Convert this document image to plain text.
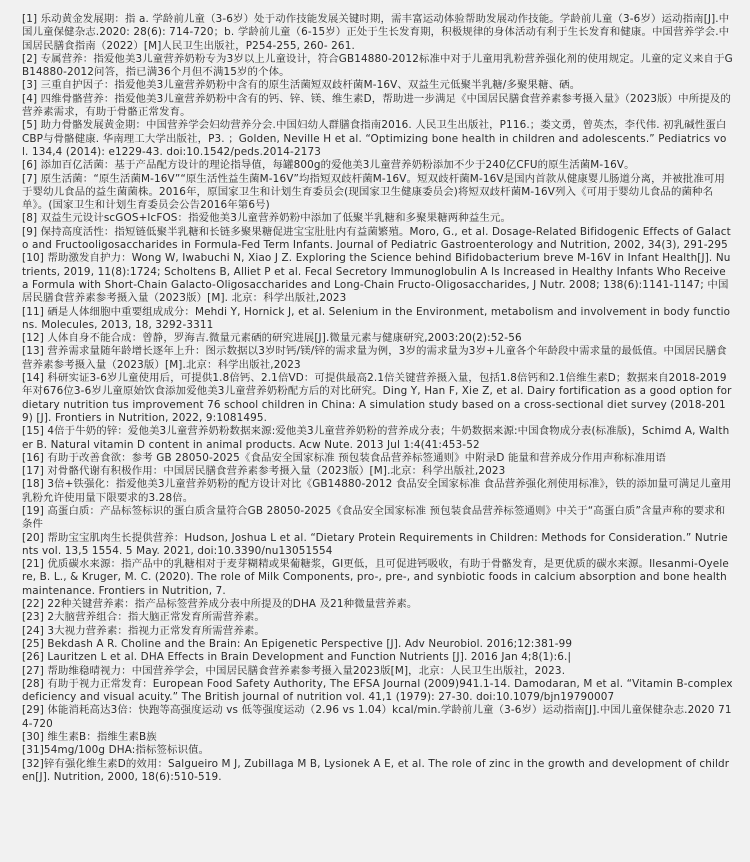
[1] 乐动黄金发展期：指 a. 学龄前儿童（3-6岁）处于动作技能发展关键时期，需丰富运动体验帮助发展动作技能。学龄前儿童（3-6岁）运动指南[J].中国儿童保健杂志.2020: 28(6): 714-720；b. 学龄前儿童（6-15岁）正处于生长发育期，积极规律的身体活动有利于生长发育和健康。中国营养学会.中国居民膳食指南（2022）[M]人民卫生出版社，P254-255, 260- 261.

[2] 专属营养：指爱他美3儿童营养奶粉专为3岁以上儿童设计，符合GB14880-2012标准中对于儿童用乳粉营养强化剂的使用规定。儿童的定义来自于GB14880-2012问答，指已满36个月但不满15岁的个体。

[3] 三重自护因子：指爱他美3儿童营养奶粉中含有的原生活菌短双歧杆菌M-16V、双益生元低聚半乳糖/多聚果糖、硒。

[4] 四维骨骼营养：指爱他美3儿童营养奶粉中含有的钙、锌、镁、维生素D，帮助进一步满足《中国居民膳食营养素参考摄入量》（2023版）中所提及的营养素需求，有助于骨骼正常发育。

[5] 助力骨骼发展黄金期：中国营养学会妇幼营养分会.中国妇幼人群膳食指南2016. 人民卫生出版社，P116.；娄文勇，曾英杰，李代伟. 初乳碱性蛋白CBP与骨骼健康. 华南理工大学出版社，P3. ；Golden, Neville H et al. “Optimizing bone health in children and adolescents.” Pediatrics vol. 134,4 (2014): e1229-43. doi:10.1542/peds.2014-2173

[6] 添加百亿活菌：基于产品配方设计的理论指导值，每罐800g的爱他美3儿童营养奶粉添加不少于240亿CFU的原生活菌M-16V。

[7] 原生活菌：“原生活菌M-16V”“原生活性益生菌M-16V”均指短双歧杆菌M-16V。短双歧杆菌M-16V是国内首款从健康婴儿肠道分离，并被批准可用于婴幼儿食品的益生菌菌株。2016年，原国家卫生和计划生育委员会(现国家卫生健康委员会)将短双歧杆菌M-16V列入《可用于婴幼儿食品的菌种名单》。(国家卫生和计划生育委员会公告2016年第6号)

[8] 双益生元设计scGOS+lcFOS：指爱他美3儿童营养奶粉中添加了低聚半乳糖和多聚果糖两种益生元。

[9] 保持高度活性：指短链低聚半乳糖和长链多聚果糖促进宝宝肚肚内有益菌繁殖。Moro, G., et al. Dosage-Related Bifidogenic Effects of Galacto and Fructooligosaccharides in Formula-Fed Term Infants. Journal of Pediatric Gastroenterology and Nutrition, 2002, 34(3), 291-295

[10] 帮助激发自护力：Wong W, Iwabuchi N, Xiao J Z. Exploring the Science behind Bifidobacterium breve M-16V in Infant Health[J]. Nutrients, 2019, 11(8):1724; Scholtens B, Alliet P et al. Fecal Secretory Immunoglobulin A Is Increased in Healthy Infants Who Receive a Formula with Short-Chain Galacto-Oligosaccharides and Long-Chain Fructo-Oligosaccharides, J Nutr. 2008; 138(6):1141-1147; 中国居民膳食营养素参考摄入量（2023版）[M]. 北京：科学出版社,2023

[11] 硒是人体细胞中重要组成成分：Mehdi Y, Hornick J, et al. Selenium in the Environment, metabolism and involvement in body functions. Molecules, 2013, 18, 3292-3311

[12] 人体自身不能合成：曾静，罗海吉.微量元素硒的研究进展[J].微量元素与健康研究,2003:20(2):52-56

[13] 营养需求量随年龄增长逐年上升：图示数据以3岁时钙/镁/锌的需求量为例，3岁的需求量为3岁+儿童各个年龄段中需求量的最低值。中国居民膳食营养素参考摄入量（2023版）[M].北京：科学出版社,2023

[14] 科研实证3-6岁儿童使用后，可提供1.8倍钙、2.1倍VD：可提供最高2.1倍关键营养摄入量，包括1.8倍钙和2.1倍维生素D；数据来自2018-2019年对676位3-6岁儿童原始饮食添加爱他美3儿童营养奶粉配方后的对比研究。Ding Y, Han F, Xie Z, et al. Dairy fortification as a good option for dietary nutrition tus improvement 76 school children in China: A simulation study based on a cross-sectional diet survey (2018-2019) [J]. Frontiers in Nutrition, 2022, 9:1081495.

[15] 4倍于牛奶的锌：爱他美3儿童营养奶粉数据来源:爱他美3儿童营养奶粉的营养成分表；牛奶数据来源:中国食物成分表(标准版)，Schimd A, Walther B. Natural vitamin D content in animal products. Acw Nute. 2013 Jul 1:4(41:453-52

[16] 有助于改善食欲：参考 GB 28050-2025《食品安全国家标准 预包装食品营养标签通则》中附录D 能量和营养成分作用声称标准用语

[17] 对骨骼代谢有积极作用：中国居民膳食营养素参考摄入量（2023版）[M].北京：科学出版社,2023

[18] 3倍+铁强化：指爱他美3儿童营养奶粉的配方设计对比《GB14880-2012 食品安全国家标准 食品营养强化剂使用标准》，铁的添加量可满足儿童用乳粉允许使用量下限要求的3.28倍。

[19] 高蛋白质：产品标签标识的蛋白质含量符合GB 28050-2025《食品安全国家标准 预包装食品营养标签通则》中关于“高蛋白质”含量声称的要求和条件

[20] 帮助宝宝肌肉生长提供营养：Hudson, Joshua L et al. “Dietary Protein Requirements in Children: Methods for Consideration.” Nutrients vol. 13,5 1554. 5 May. 2021, doi:10.3390/nu13051554

[21] 优质碳水来源：指产品中的乳糖相对于麦芽糊精或果葡糖浆，GI更低，且可促进钙吸收，有助于骨骼发育，是更优质的碳水来源。Ilesanmi-Oyelere, B. L., & Kruger, M. C. (2020). The role of Milk Components, pro-, pre-, and synbiotic foods in calcium absorption and bone health maintenance. Frontiers in Nutrition, 7.

[22] 22种关键营养素：指产品标签营养成分表中所提及的DHA 及21种微量营养素。

[23] 2大脑营养组合：指大脑正常发育所需营养素。

[24] 3大视力营养素：指视力正常发育所需营养素。

[25] Bekdash A R. Choline and the Brain: An Epigenetic Perspective [J]. Adv Neurobiol. 2016;12:381-99

[26] Lauritzen L et al. DHA Effects in Brain Development and Function Nutrients [J]. 2016 Jan 4;8(1):6.|

[27] 帮助维稳晴视力：中国营养学会，中国居民膳食营养素参考摄入量2023版[M]，北京：人民卫生出版社，2023.

[28] 有助于视力正常发育：European Food Safety Authority, The EFSA Journal (2009)941.1-14. Damodaran, M et al. “Vitamin B-complex deficiency and visual acuity.” The British journal of nutrition vol. 41,1 (1979): 27-30. doi:10.1079/bjn19790007

[29] 体能消耗高达3倍：快跑等高强度运动 vs 低等强度运动（2.96 vs 1.04）kcal/min.学龄前儿童（3-6岁）运动指南[J].中国儿童保健杂志.2020 714-720

[30] 维生素B：指维生素B族

[31]54mg/100g DHA:指标签标识值。

[32]锌有强化维生素D的效用：Salgueiro M J, Zubillaga M B, Lysionek A E, et al. The role of zinc in the growth and development of children[J]. Nutrition, 2000, 18(6):510-519.
